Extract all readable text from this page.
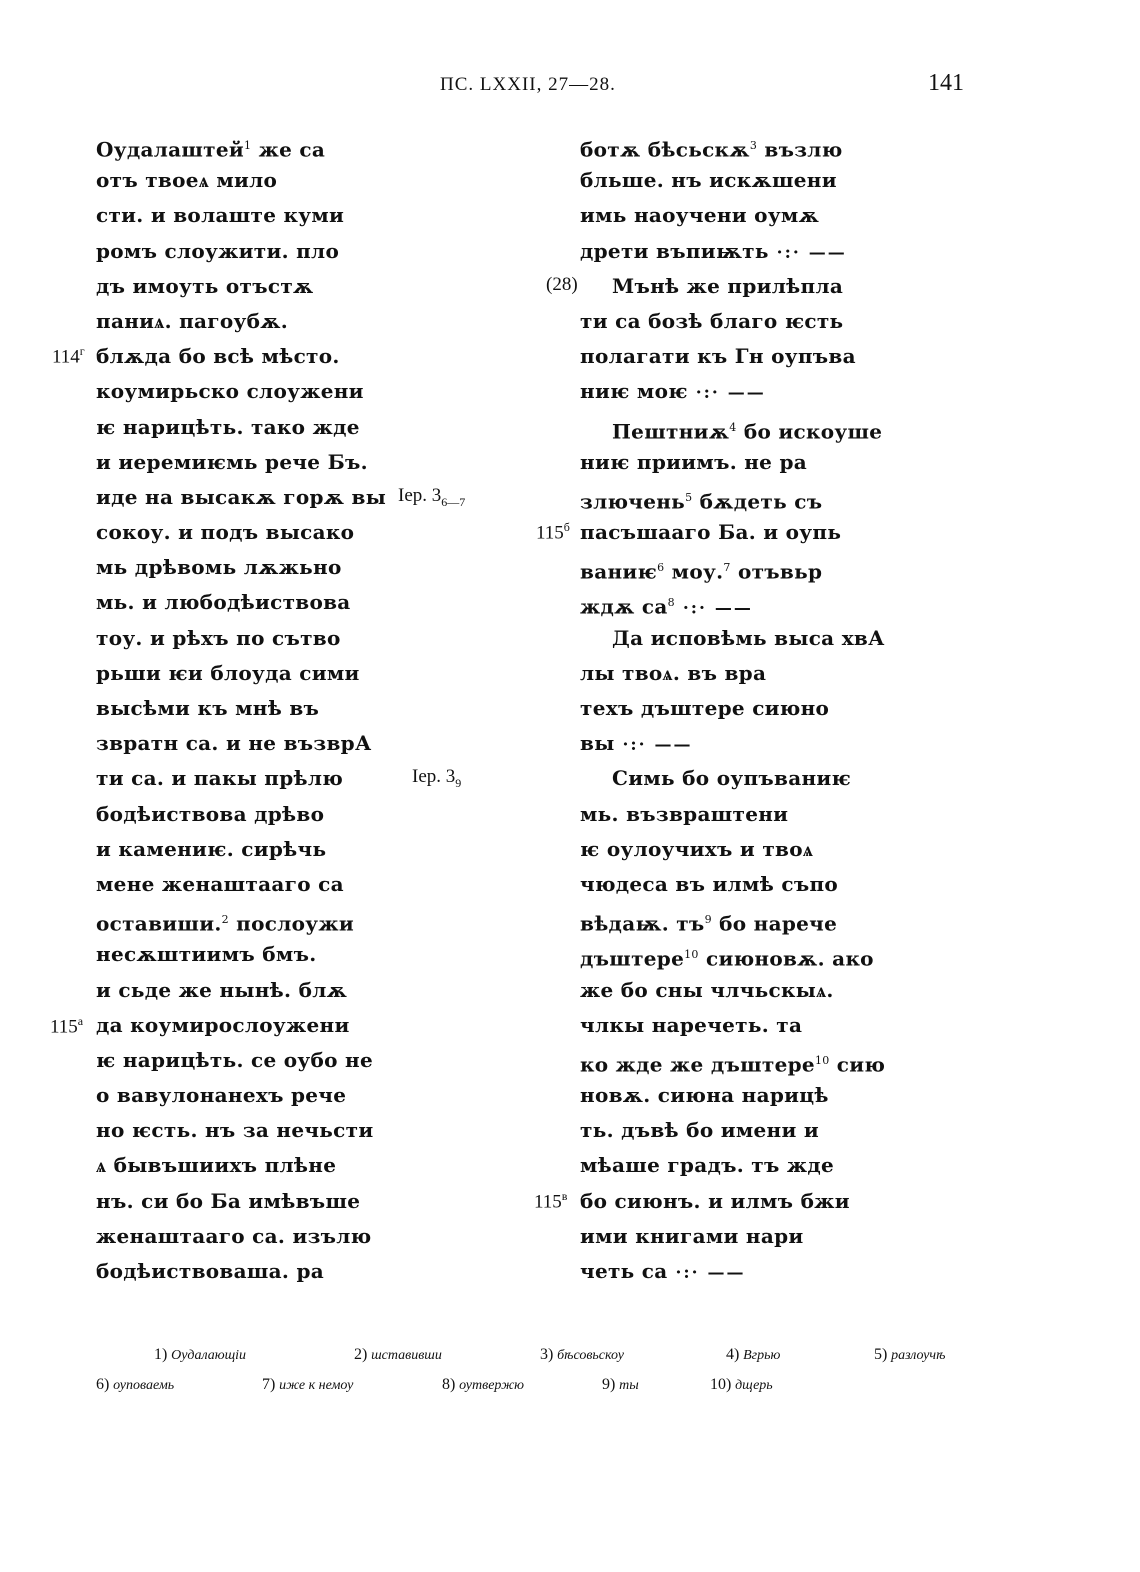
ПС. LXXII, 27—28.	141
Оудалаштей$^1$ же са
отъ твоеѧ мило
сти. и волаште куми
ромъ слоужити. пло
дъ имоуть отъстѫ
паниѧ. пагоубѫ.
блѫда бо всѣ мѣсто.
коумирьско слоужени
ѥ нарицѣть. тако жде
и иеремиѥмь рече Бъ.
иде на высакѫ горѫ вы
сокоу. и подъ высако
мь дрѣвомь лѫжьно
мь. и любодѣиствова
тоу. и рѣхъ по сътво
рьши ѥи блоуда сими
высѣми къ мнѣ въ
звратн са. и не възврА
ти са. и пакы прѣлю
бодѣиствова дрѣво
и камениѥ. сирѣчь
мене женаштааго са
оставиши.$^2$ послоужи
несѫштиимъ бмъ.
и сьде же нынѣ. блѫ
да коумирослоужени
ѥ нарицѣть. се оубо не
о вавулонанехъ рече
но ѥсть. нъ за нечьсти
ѧ бывъшиихъ плѣне
нъ. си бо Ба имѣвъше
женаштааго са. изълю
бодѣиствоваша. ра
ботѫ бѣсьскѫ$^3$ възлю
бльше. нъ искѫшени
имь наоучени оумѫ
дрети въпиѭть ·:· ——
Мънѣ же прилѣпла
ти са бозѣ благо ѥсть
полагати къ Гн оупъва
ниѥ моѥ ·:· ——
Пештниѫ$^4$ бо искоуше
ниѥ приимъ. не ра
злючень$^5$ бѫдеть съ
пасъшааго Ба. и оупь
ваниѥ$^6$ моу.$^7$ отъвьр
ждѫ $са^8$ ·:· ——
Да исповѣмь выса хвА
лы твоѧ. въ вра
техъ дъштере сиюно
вы ·:· ——
Симь бо оупъваниѥ
мь. възвраштени
ѥ оулоучихъ и твоѧ
чюдеса въ илмѣ съпо
вѣдаѭ. $тъ^9$ бо нарече
дъштере$^{10}$ сиюновѫ. ако
же бо сны члчьскыѧ.
члкы наречеть. та
ко жде же дъштере$^{10}$ сию
новѫ. сиюна нарицѣ
ть. дъвѣ бо имени и
мѣаше градъ. тъ жде
бо сиюнъ. и илмъ бжи
ими книгами нари
четь са ·:· ——
$114^г$
Iер. $3_{6—7}$
$115^б$
(28)
Iер. $3_9$
$115^а$
$115^в$
1) Оудалающiи	2) шставивши	3) бѣсовьскоу	4) Вгрью	5) разлоучѣ
6) оуповаемь	7) иже к немоу	8) оутвержю	9) ты	10) дщерь
